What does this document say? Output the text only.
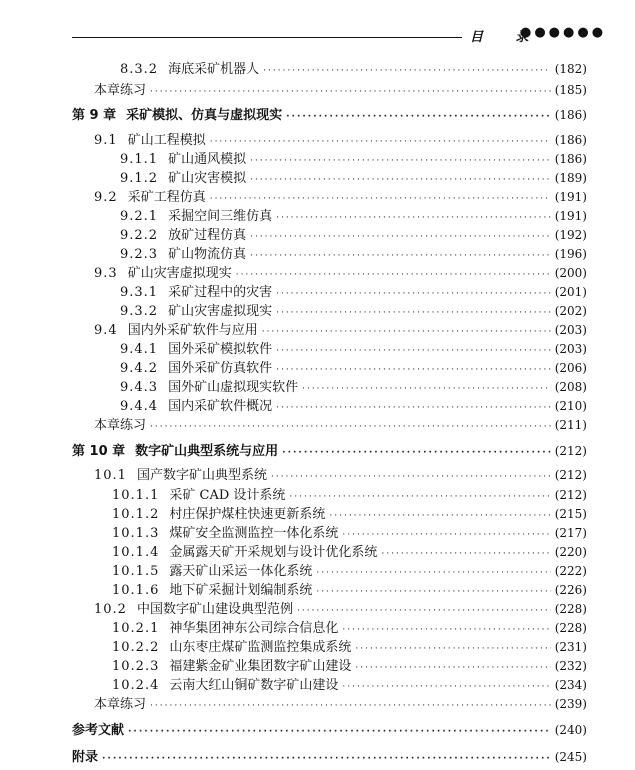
目 录
●●●●●●
8.3.2 海底采矿机器人 ·····	(182)
本章练习 ·····	(185)
第 9 章 采矿模拟、仿真与虚拟现实 ·····	(186)
9.1 矿山工程模拟 ·····	(186)
9.1.1 矿山通风模拟 ·····	(186)
9.1.2 矿山灾害模拟 ·····	(189)
9.2 采矿工程仿真 ·····	(191)
9.2.1 采掘空间三维仿真 ·····	(191)
9.2.2 放矿过程仿真 ·····	(192)
9.2.3 矿山物流仿真 ·····	(196)
9.3 矿山灾害虚拟现实 ·····	(200)
9.3.1 采矿过程中的灾害 ·····	(201)
9.3.2 矿山灾害虚拟现实 ·····	(202)
9.4 国内外采矿软件与应用 ·····	(203)
9.4.1 国外采矿模拟软件 ·····	(203)
9.4.2 国外采矿仿真软件 ·····	(206)
9.4.3 国外矿山虚拟现实软件 ·····	(208)
9.4.4 国内采矿软件概况 ·····	(210)
本章练习 ·····	(211)
第 10 章 数字矿山典型系统与应用 ·····	(212)
10.1 国产数字矿山典型系统 ·····	(212)
10.1.1 采矿 CAD 设计系统 ·····	(212)
10.1.2 村庄保护煤柱快速更新系统 ·····	(215)
10.1.3 煤矿安全监测监控一体化系统 ·····	(217)
10.1.4 金属露天矿开采规划与设计优化系统 ·····	(220)
10.1.5 露天矿山采运一体化系统 ·····	(222)
10.1.6 地下矿采掘计划编制系统 ·····	(226)
10.2 中国数字矿山建设典型范例 ·····	(228)
10.2.1 神华集团神东公司综合信息化 ·····	(228)
10.2.2 山东枣庄煤矿监测监控集成系统 ·····	(231)
10.2.3 福建紫金矿业集团数字矿山建设 ·····	(232)
10.2.4 云南大红山铜矿数字矿山建设 ·····	(234)
本章练习 ·····	(239)
参考文献 ·····	(240)
附录 ·····	(245)
